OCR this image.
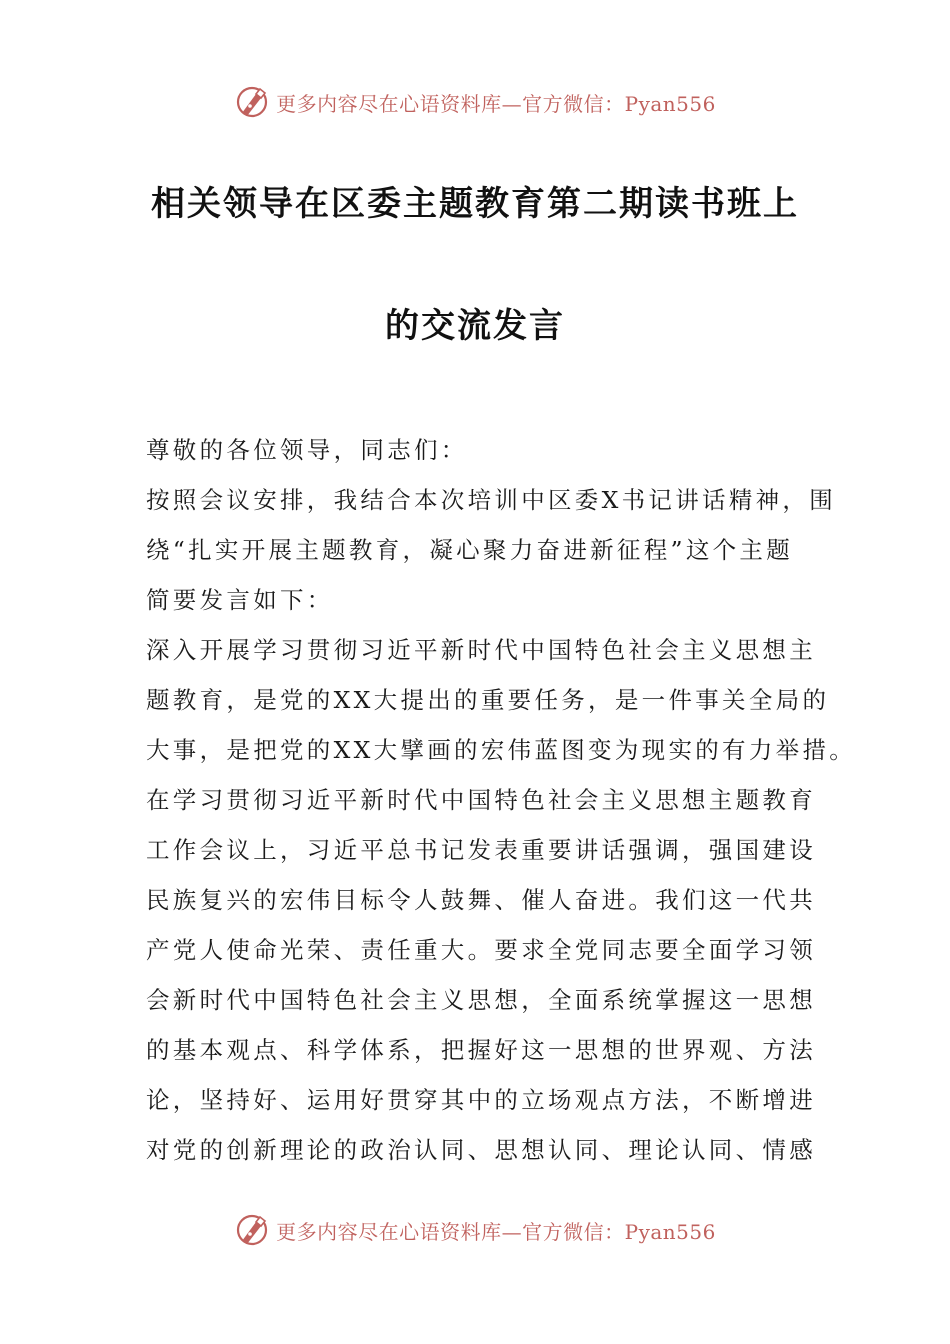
更多内容尽在心语资料库—官方微信：Pyan556
相关领导在区委主题教育第二期读书班上
的交流发言
尊敬的各位领导，同志们：
按照会议安排，我结合本次培训中区委X书记讲话精神，围
绕“扎实开展主题教育，凝心聚力奋进新征程”这个主题
简要发言如下：
深入开展学习贯彻习近平新时代中国特色社会主义思想主
题教育，是党的XX大提出的重要任务，是一件事关全局的
大事，是把党的XX大擘画的宏伟蓝图变为现实的有力举措。
在学习贯彻习近平新时代中国特色社会主义思想主题教育
工作会议上，习近平总书记发表重要讲话强调，强国建设
民族复兴的宏伟目标令人鼓舞、催人奋进。我们这一代共
产党人使命光荣、责任重大。要求全党同志要全面学习领
会新时代中国特色社会主义思想，全面系统掌握这一思想
的基本观点、科学体系，把握好这一思想的世界观、方法
论，坚持好、运用好贯穿其中的立场观点方法，不断增进
对党的创新理论的政治认同、思想认同、理论认同、情感
更多内容尽在心语资料库—官方微信：Pyan556
